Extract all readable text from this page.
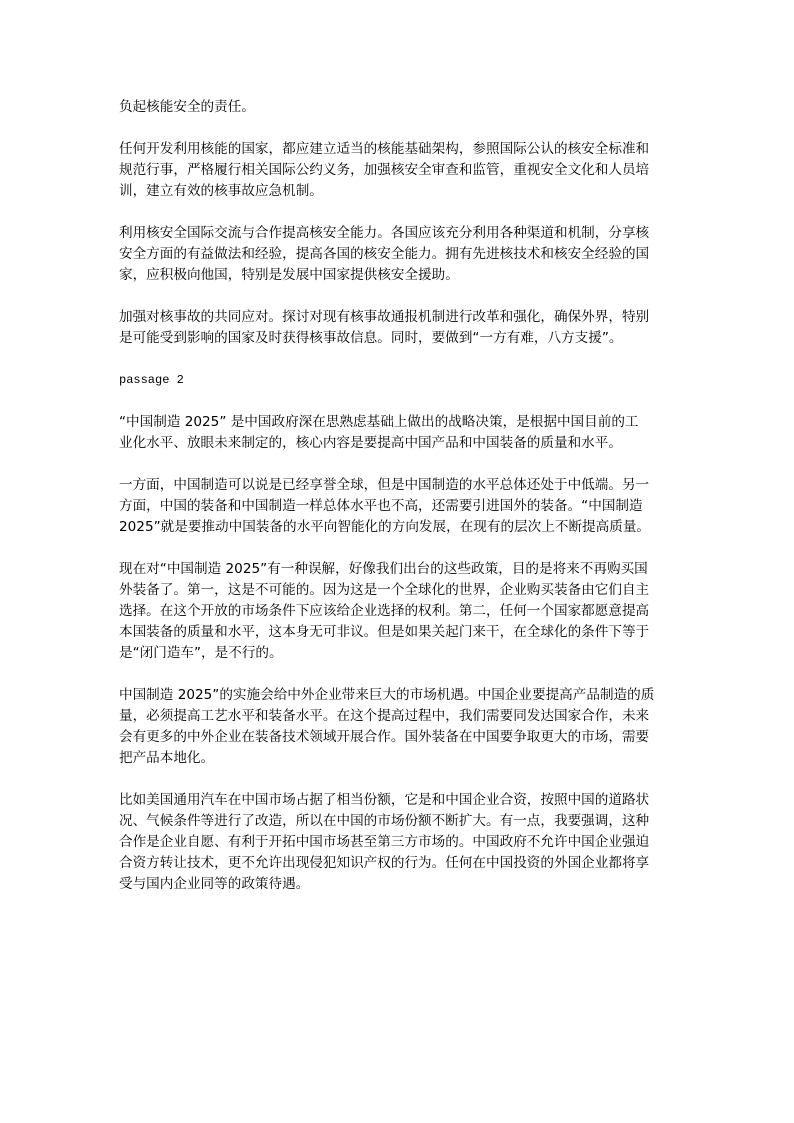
负起核能安全的责任。

任何开发利用核能的国家，都应建立适当的核能基础架构，参照国际公认的核安全标准和
规范行事，严格履行相关国际公约义务，加强核安全审查和监管，重视安全文化和人员培
训，建立有效的核事故应急机制。

利用核安全国际交流与合作提高核安全能力。各国应该充分利用各种渠道和机制，分享核
安全方面的有益做法和经验，提高各国的核安全能力。拥有先进核技术和核安全经验的国
家，应积极向他国，特别是发展中国家提供核安全援助。

加强对核事故的共同应对。探讨对现有核事故通报机制进行改革和强化，确保外界，特别
是可能受到影响的国家及时获得核事故信息。同时，要做到“一方有难，八方支援”。

passage 2

“中国制造 2025” 是中国政府深在思熟虑基础上做出的战略决策，是根据中国目前的工
业化水平、放眼未来制定的，核心内容是要提高中国产品和中国装备的质量和水平。

一方面，中国制造可以说是已经享誉全球，但是中国制造的水平总体还处于中低端。另一
方面，中国的装备和中国制造一样总体水平也不高，还需要引进国外的装备。“中国制造
2025”就是要推动中国装备的水平向智能化的方向发展，在现有的层次上不断提高质量。

现在对“中国制造 2025”有一种误解，好像我们出台的这些政策，目的是将来不再购买国
外装备了。第一，这是不可能的。因为这是一个全球化的世界，企业购买装备由它们自主
选择。在这个开放的市场条件下应该给企业选择的权利。第二，任何一个国家都愿意提高
本国装备的质量和水平，这本身无可非议。但是如果关起门来干，在全球化的条件下等于
是“闭门造车”，是不行的。

中国制造 2025”的实施会给中外企业带来巨大的市场机遇。中国企业要提高产品制造的质
量，必须提高工艺水平和装备水平。在这个提高过程中，我们需要同发达国家合作，未来
会有更多的中外企业在装备技术领域开展合作。国外装备在中国要争取更大的市场，需要
把产品本地化。

比如美国通用汽车在中国市场占据了相当份额，它是和中国企业合资，按照中国的道路状
况、气候条件等进行了改造，所以在中国的市场份额不断扩大。有一点，我要强调，这种
合作是企业自愿、有利于开拓中国市场甚至第三方市场的。中国政府不允许中国企业强迫
合资方转让技术，更不允许出现侵犯知识产权的行为。任何在中国投资的外国企业都将享
受与国内企业同等的政策待遇。
